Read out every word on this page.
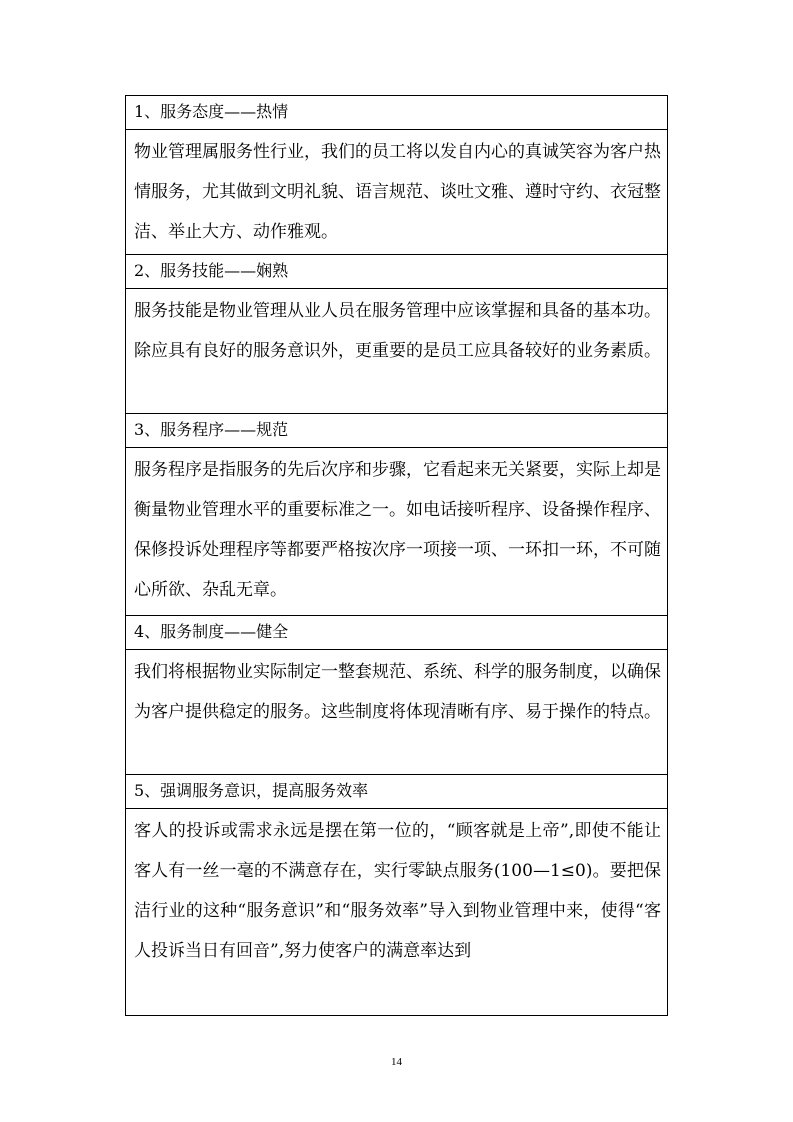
1、服务态度——热情
物业管理属服务性行业，我们的员工将以发自内心的真诚笑容为客户热情服务，尤其做到文明礼貌、语言规范、谈吐文雅、遵时守约、衣冠整洁、举止大方、动作雅观。
2、服务技能——娴熟
服务技能是物业管理从业人员在服务管理中应该掌握和具备的基本功。除应具有良好的服务意识外，更重要的是员工应具备较好的业务素质。
3、服务程序——规范
服务程序是指服务的先后次序和步骤，它看起来无关紧要，实际上却是衡量物业管理水平的重要标准之一。如电话接听程序、设备操作程序、保修投诉处理程序等都要严格按次序一项接一项、一环扣一环，不可随心所欲、杂乱无章。
4、服务制度——健全
我们将根据物业实际制定一整套规范、系统、科学的服务制度，以确保为客户提供稳定的服务。这些制度将体现清晰有序、易于操作的特点。
5、强调服务意识，提高服务效率
客人的投诉或需求永远是摆在第一位的，“顾客就是上帝”,即使不能让客人有一丝一毫的不满意存在，实行零缺点服务(100—1≤0)。要把保洁行业的这种“服务意识”和“服务效率”导入到物业管理中来，使得“客人投诉当日有回音”,努力使客户的满意率达到
14
